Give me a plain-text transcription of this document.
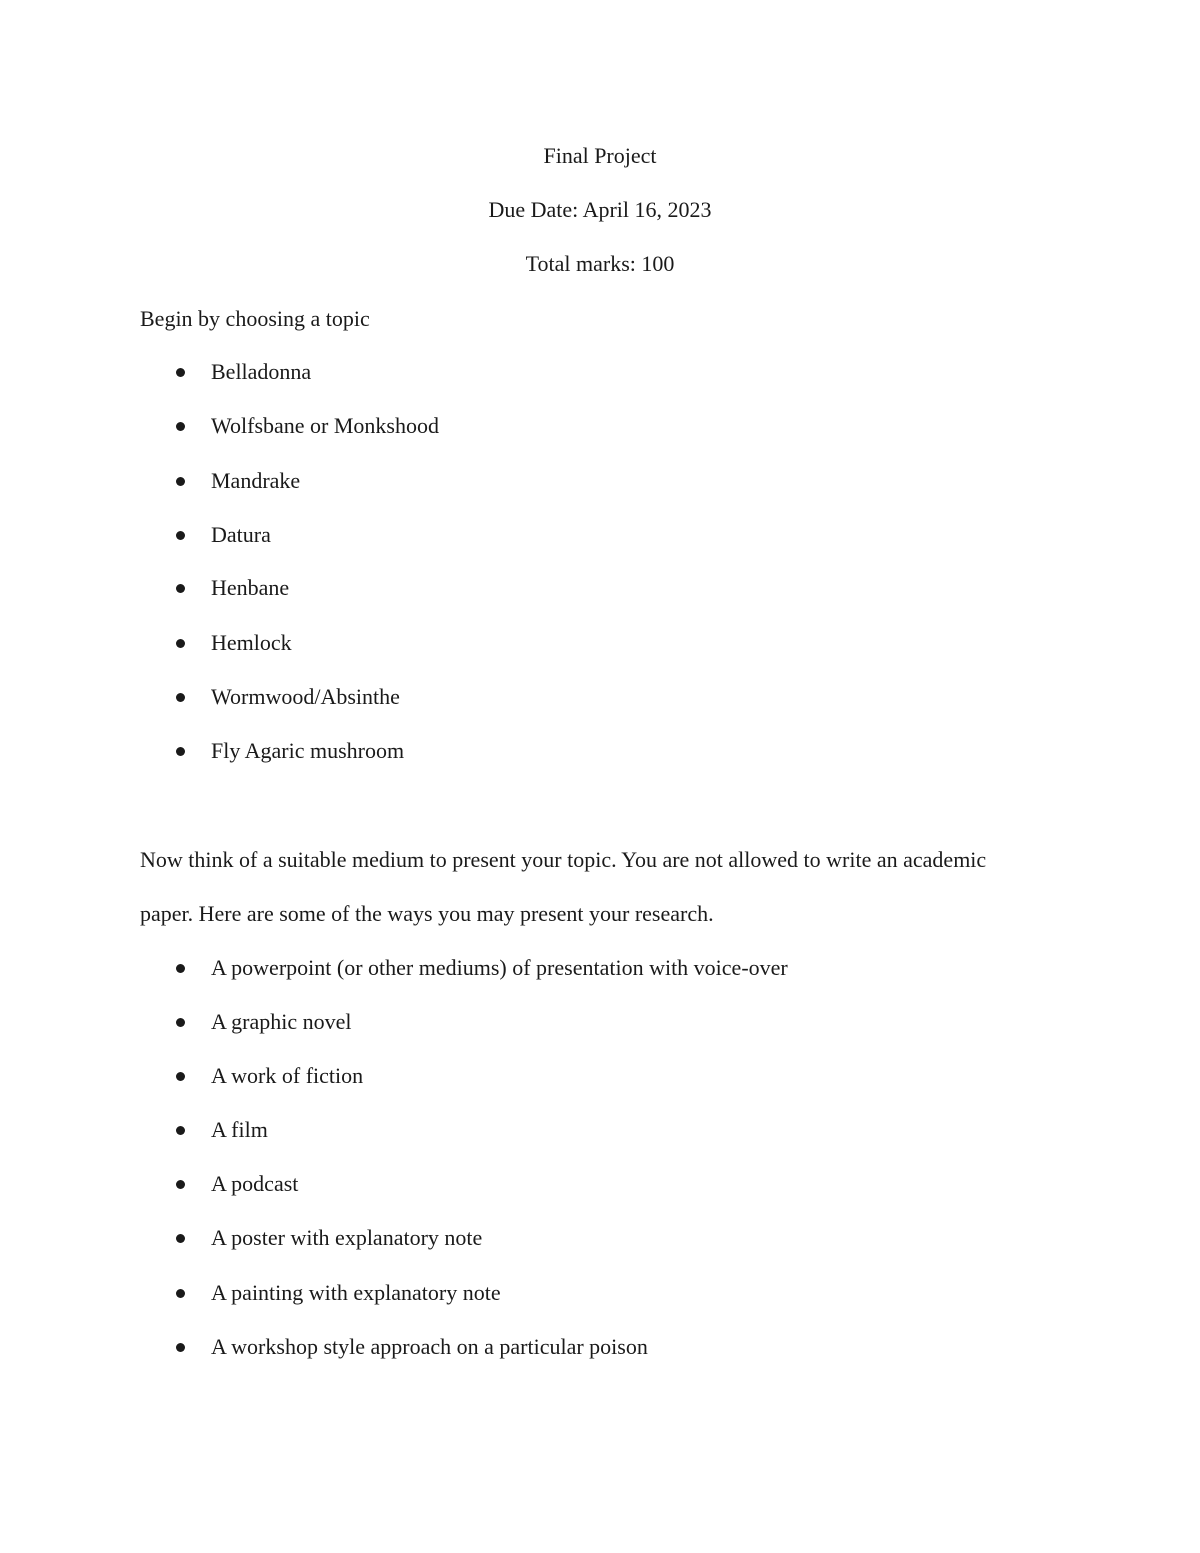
Final Project
Due Date: April 16, 2023
Total marks: 100
Begin by choosing a topic
Belladonna
Wolfsbane or Monkshood
Mandrake
Datura
Henbane
Hemlock
Wormwood/Absinthe
Fly Agaric mushroom
Now think of a suitable medium to present your topic. You are not allowed to write an academic
paper. Here are some of the ways you may present your research.
A powerpoint (or other mediums) of presentation with voice-over
A graphic novel
A work of fiction
A film
A podcast
A poster with explanatory note
A painting with explanatory note
A workshop style approach on a particular poison
